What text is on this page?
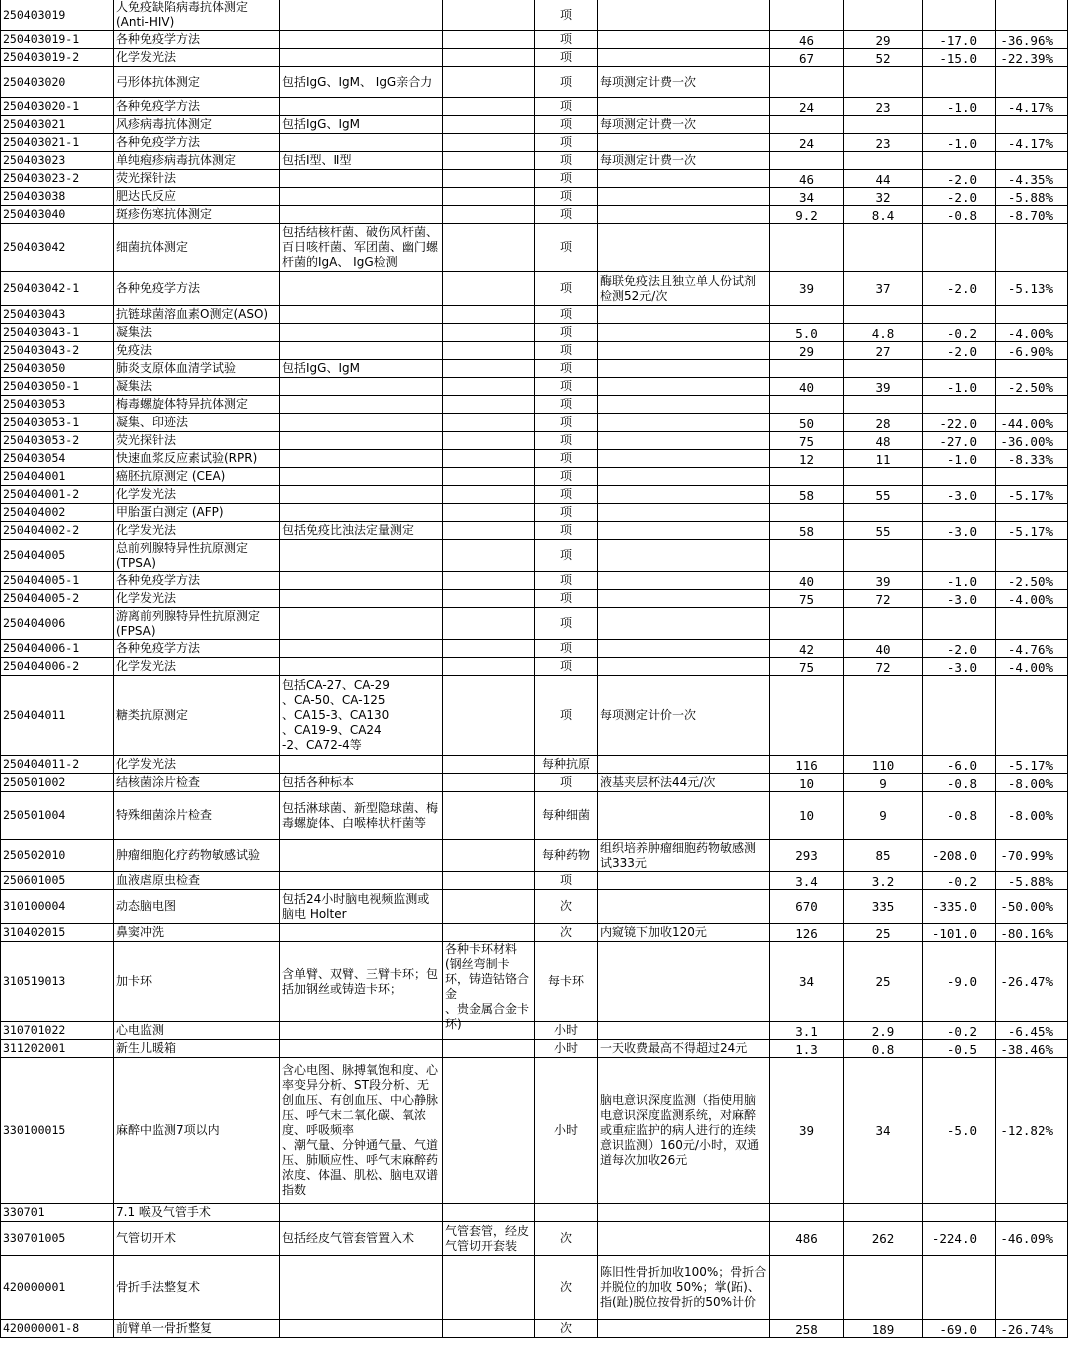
250403019	人免疫缺陷病毒抗体测定
(Anti-HIV)			项					

250403019-1	各种免疫学方法			项		46	29	-17.0	-36.96%

250403019-2	化学发光法			项		67	52	-15.0	-22.39%

250403020	弓形体抗体测定	包括IgG、IgM、 IgG亲合力		项	每项测定计费一次				

250403020-1	各种免疫学方法			项		24	23	-1.0	-4.17%

250403021	风疹病毒抗体测定	包括IgG、IgM		项	每项测定计费一次				

250403021-1	各种免疫学方法			项		24	23	-1.0	-4.17%

250403023	单纯疱疹病毒抗体测定	包括Ⅰ型、Ⅱ型		项	每项测定计费一次				

250403023-2	荧光探针法			项		46	44	-2.0	-4.35%

250403038	肥达氏反应			项		34	32	-2.0	-5.88%

250403040	斑疹伤寒抗体测定			项		9.2	8.4	-0.8	-8.70%

250403042	细菌抗体测定	包括结核杆菌、破伤风杆菌、百日咳杆菌、军团菌、幽门螺杆菌的IgA、 IgG检测		项					

250403042-1	各种免疫学方法			项	酶联免疫法且独立单人份试剂检测52元/次	39	37	-2.0	-5.13%

250403043	抗链球菌溶血素O测定(ASO)			项					

250403043-1	凝集法			项		5.0	4.8	-0.2	-4.00%

250403043-2	免疫法			项		29	27	-2.0	-6.90%

250403050	肺炎支原体血清学试验	包括IgG、IgM		项					

250403050-1	凝集法			项		40	39	-1.0	-2.50%

250403053	梅毒螺旋体特异抗体测定			项					

250403053-1	凝集、印迹法			项		50	28	-22.0	-44.00%

250403053-2	荧光探针法			项		75	48	-27.0	-36.00%

250403054	快速血浆反应素试验(RPR)			项		12	11	-1.0	-8.33%

250404001	癌胚抗原测定 (CEA)			项					

250404001-2	化学发光法			项		58	55	-3.0	-5.17%

250404002	甲胎蛋白测定 (AFP)			项					

250404002-2	化学发光法	包括免疫比浊法定量测定		项		58	55	-3.0	-5.17%

250404005	总前列腺特异性抗原测定
(TPSA)			项					

250404005-1	各种免疫学方法			项		40	39	-1.0	-2.50%

250404005-2	化学发光法			项		75	72	-3.0	-4.00%

250404006	游离前列腺特异性抗原测定
(FPSA)			项					

250404006-1	各种免疫学方法			项		42	40	-2.0	-4.76%

250404006-2	化学发光法			项		75	72	-3.0	-4.00%

250404011	糖类抗原测定	包括CA-27、CA-29
、CA-50、CA-125
、CA15-3、CA130
、CA19-9、CA24
-2、CA72-4等		项	每项测定计价一次				

250404011-2	化学发光法			每种抗原		116	110	-6.0	-5.17%

250501002	结核菌涂片检查	包括各种标本		项	液基夹层杯法44元/次	10	9	-0.8	-8.00%

250501004	特殊细菌涂片检查	包括淋球菌、新型隐球菌、梅毒螺旋体、白喉棒状杆菌等		每种细菌		10	9	-0.8	-8.00%

250502010	肿瘤细胞化疗药物敏感试验			每种药物	组织培养肿瘤细胞药物敏感测试333元	293	85	-208.0	-70.99%

250601005	血液虐原虫检查			项		3.4	3.2	-0.2	-5.88%

310100004	动态脑电图	包括24小时脑电视频监测或脑电 Holter		次		670	335	-335.0	-50.00%

310402015	鼻窦冲洗			次	内窥镜下加收120元	126	25	-101.0	-80.16%

310519013	加卡环	含单臂、双臂、三臂卡环；包括加钢丝或铸造卡环；	各种卡环材料(钢丝弯制卡环，铸造钴铬合金
、贵金属合金卡环)	每卡环		34	25	-9.0	-26.47%

310701022	心电监测			小时		3.1	2.9	-0.2	-6.45%

311202001	新生儿暖箱			小时	一天收费最高不得超过24元	1.3	0.8	-0.5	-38.46%

330100015	麻醉中监测7项以内	含心电图、脉搏氧饱和度、心率变异分析、ST段分析、无创血压、有创血压、中心静脉压、呼气末二氧化碳、氧浓度、呼吸频率
、潮气量、分钟通气量、气道压、肺顺应性、呼气末麻醉药浓度、体温、肌松、脑电双谱指数		小时	脑电意识深度监测（指使用脑电意识深度监测系统，对麻醉或重症监护的病人进行的连续意识监测）160元/小时，双通道每次加收26元	39	34	-5.0	-12.82%

330701	7.1 喉及气管手术								

330701005	气管切开术	包括经皮气管套管置入术	气管套管，经皮气管切开套装	次		486	262	-224.0	-46.09%

420000001	骨折手法整复术			次	陈旧性骨折加收100%；骨折合并脱位的加收 50%；掌(跖)、指(趾)脱位按骨折的50%计价				

420000001-8	前臂单一骨折整复			次		258	189	-69.0	-26.74%
